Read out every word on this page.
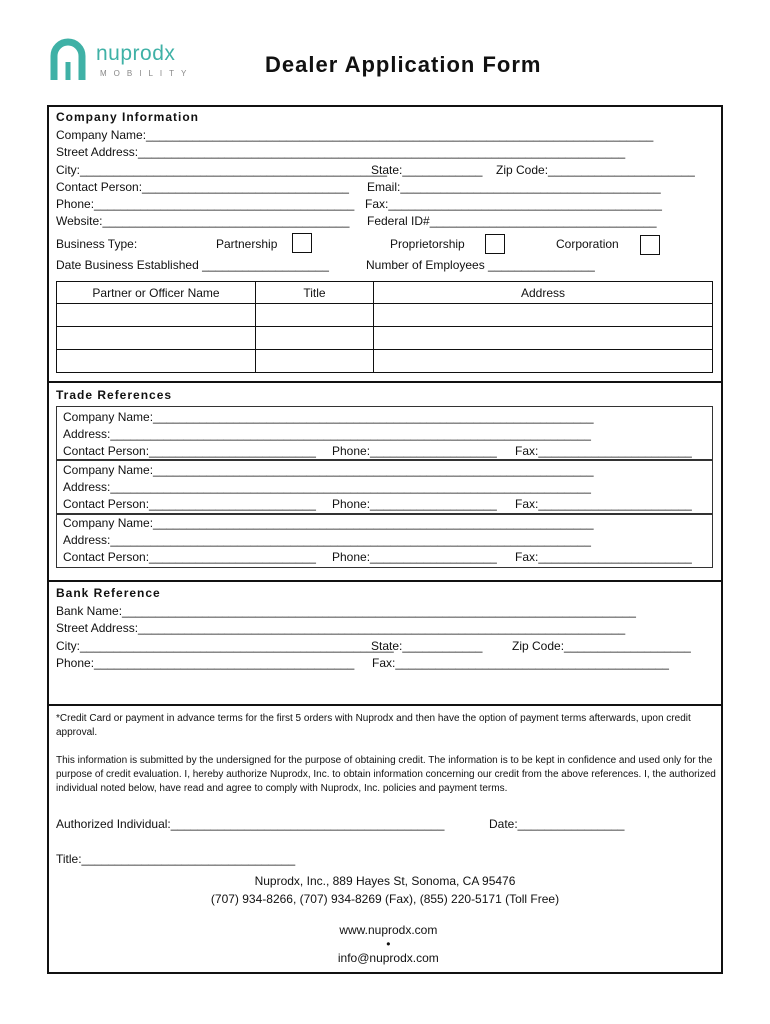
nuprodx

MOBILITY	Dealer Application Form
Company Information
Company Name:____________________________________________________________________________
Street Address:_________________________________________________________________________
City:______________________________________________
State:____________ Zip Code:______________________
Contact Person:_______________________________ Email:_______________________________________
Phone:_______________________________________ Fax:_________________________________________
Website:_____________________________________ Federal ID#__________________________________
Business Type:	Partnership	Proprietorship	Corporation
Date Business Established ___________________	Number of Employees ________________
Partner or Officer Name	Title	Address

Trade References
Company Name:__________________________________________________________________
Address:________________________________________________________________________
Contact Person:_________________________ Phone:___________________ Fax:_______________________
Company Name:__________________________________________________________________
Address:________________________________________________________________________
Contact Person:_________________________ Phone:___________________ Fax:_______________________
Company Name:__________________________________________________________________
Address:________________________________________________________________________
Contact Person:_________________________ Phone:___________________ Fax:_______________________
Bank Reference
Bank Name:_____________________________________________________________________________
Street Address:_________________________________________________________________________
City:_______________________________________________
State:____________ Zip Code:___________________
Phone:_______________________________________ Fax:_________________________________________
*Credit Card or payment in advance terms for the first 5 orders with Nuprodx and then have the option of payment terms afterwards, upon credit approval.
This information is submitted by the undersigned for the purpose of obtaining credit. The information is to be kept in confidence and used only for the purpose of credit evaluation. I, hereby authorize Nuprodx, Inc. to obtain information concerning our credit from the above references. I, the authorized individual noted below, have read and agree to comply with Nuprodx, Inc. policies and payment terms.
Authorized Individual:_________________________________________	Date:________________
Title:________________________________
Nuprodx, Inc., 889 Hayes St, Sonoma, CA 95476
(707) 934-8266, (707) 934-8269 (Fax), (855) 220-5171 (Toll Free)

www.nuprodx.com
•
info@nuprodx.com
